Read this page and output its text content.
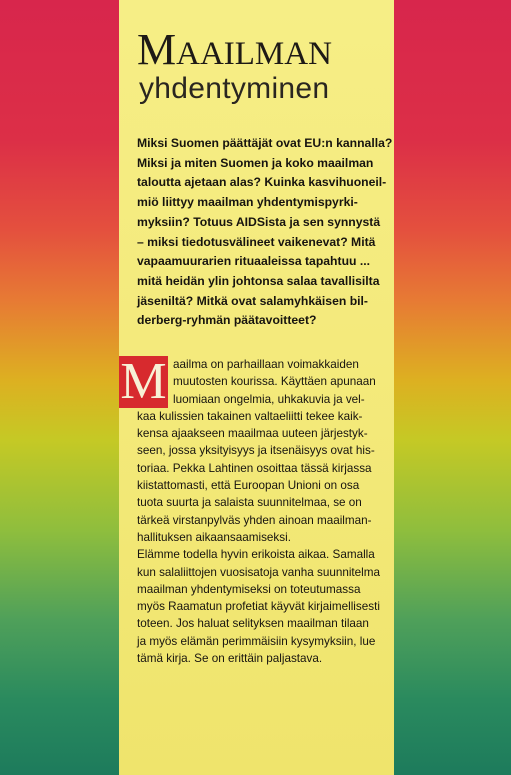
MAAILMAN
yhdentyminen
Miksi Suomen päättäjät ovat EU:n kannalla?
Miksi ja miten Suomen ja koko maailman
taloutta ajetaan alas? Kuinka kasvihuoneil-
miö liittyy maailman yhdentymispyrki-
myksiin? Totuus AIDSista ja sen synnystä
– miksi tiedotusvälineet vaikenevat? Mitä
vapaamuurarien rituaaleissa tapahtuu ...
mitä heidän ylin johtonsa salaa tavallisilta
jäseniltä? Mitkä ovat salamyhkäisen bil-
derberg-ryhmän päätavoitteet?
M aailma on parhaillaan voimakkaiden
muutosten kourissa. Käyttäen apunaan
luomiaan ongelmia, uhkakuvia ja vel-
kaa kulissien takainen valtaeliitti tekee kaik-
kensa ajaakseen maailmaa uuteen järjestyk-
seen, jossa yksityisyys ja itsenäisyys ovat his-
toriaa. Pekka Lahtinen osoittaa tässä kirjassa
kiistattomasti, että Euroopan Unioni on osa
tuota suurta ja salaista suunnitelmaa, se on
tärkeä virstanpylväs yhden ainoan maailman-
hallituksen aikaansaamiseksi.
Elämme todella hyvin erikoista aikaa. Samalla
kun salaliittojen vuosisatoja vanha suunnitelma
maailman yhdentymiseksi on toteutumassa
myös Raamatun profetiat käyvät kirjaimellisesti
toteen. Jos haluat selityksen maailman tilaan
ja myös elämän perimmäisiin kysymyksiin, lue
tämä kirja. Se on erittäin paljastava.
